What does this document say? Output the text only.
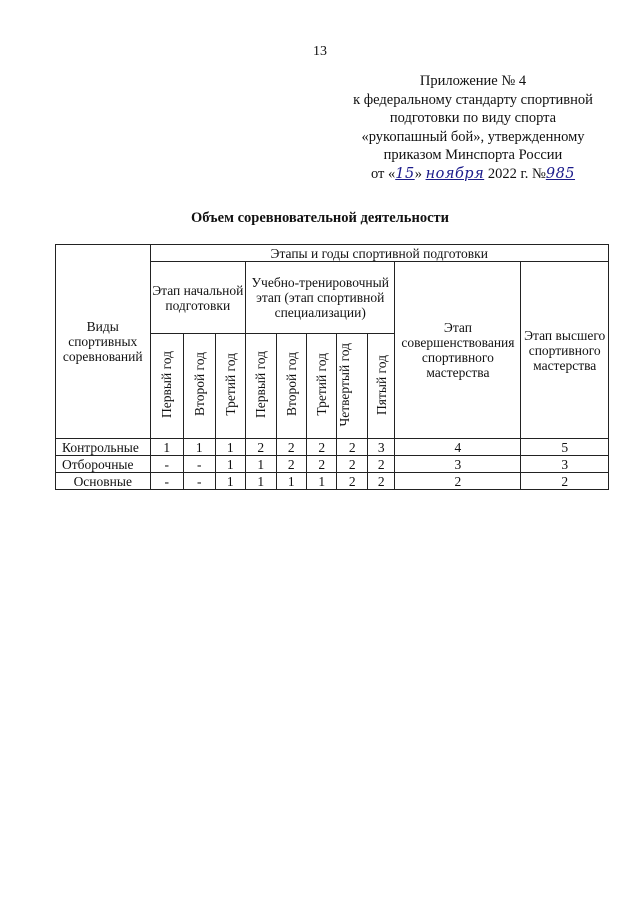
13
Приложение № 4
к федеральному стандарту спортивной
подготовки по виду спорта
«рукопашный бой», утвержденному
приказом Минспорта России
от «15» ноября 2022 г. №985
Объем соревновательной деятельности
Виды спортивных соревнований	Этапы и годы спортивной подготовки									
	Этап начальной подготовки			Учебно-тренировочный этап (этап спортивной специализации)					Этап совершенствования спортивного мастерства	Этап высшего спортивного мастерства
	Первый год	Второй год	Третий год	Первый год	Второй год	Третий год	Четвертый год	Пятый год		
Контрольные	1	1	1	2	2	2	2	3	4	5
Отборочные	-	-	1	1	2	2	2	2	3	3
Основные	-	-	1	1	1	1	2	2	2	2
